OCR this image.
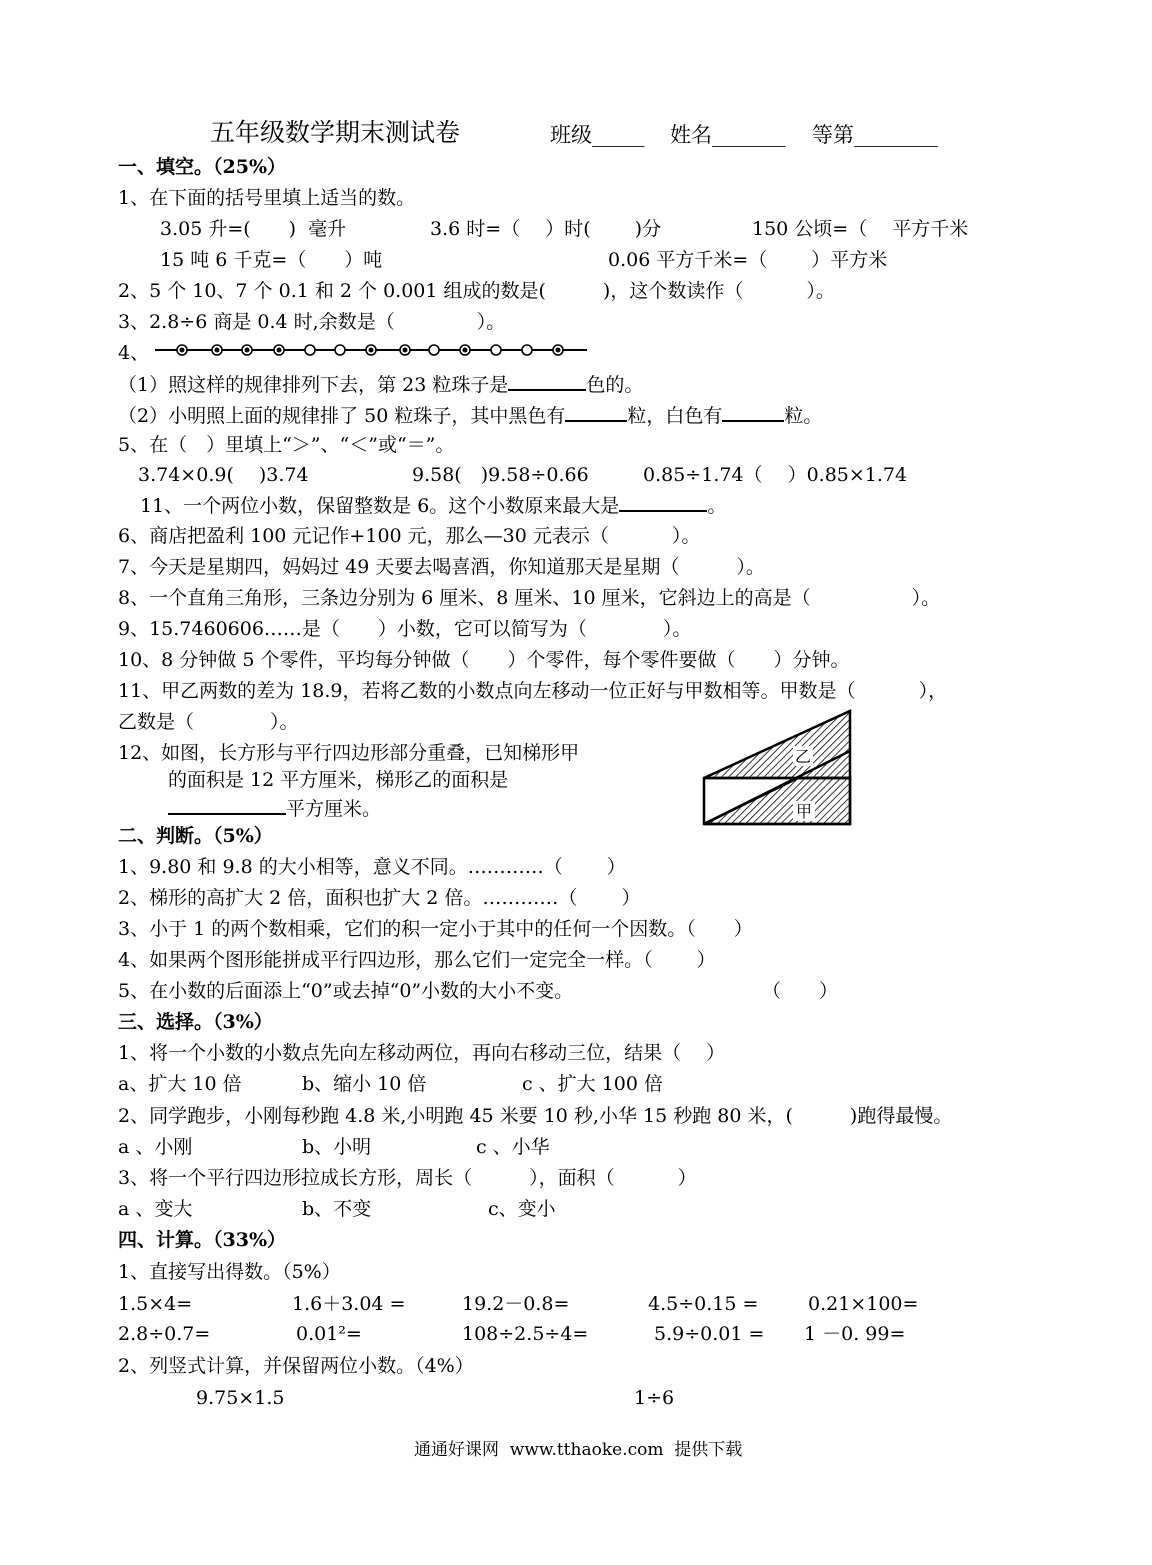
五年级数学期末测试卷	班级_____ 姓名_______ 等第________
一、填空。（25%）
1、在下面的括号里填上适当的数。
3.05 升=(　　)  毫升	3.6 时=（　 ）时(　　 )分	150 公顷=（　 平方千米
15 吨 6 千克=（　　）吨	0.06 平方千米=（　　 ）平方米
2、5 个 10、7 个 0.1 和 2 个 0.001 组成的数是(　　　)，这个数读作（　　　 ）。
3、2.8÷6 商是 0.4 时,余数是（　　　　 ）。
4、
（1）照这样的规律排列下去，第 23 粒珠子是	色的。
（2）小明照上面的规律排了 50 粒珠子，其中黑色有	粒，白色有	粒。
5、在（　）里填上“＞”、“＜”或“＝”。
3.74×0.9(　 )3.74	9.58(　)9.58÷0.66	0.85÷1.74（　 ）0.85×1.74
11、一个两位小数，保留整数是 6。这个小数原来最大是	。
6、商店把盈利 100 元记作+100 元，那么—30 元表示（　　　 ）。
7、今天是星期四，妈妈过 49 天要去喝喜酒，你知道那天是星期（　　　）。
8、一个直角三角形，三条边分别为 6 厘米、8 厘米、10 厘米，它斜边上的高是（　　　　　 ）。
9、15.7460606……是（　　）小数，它可以简写为（　　　　）。
10、8 分钟做 5 个零件，平均每分钟做（　　）个零件，每个零件要做（　　）分钟。
11、甲乙两数的差为 18.9，若将乙数的小数点向左移动一位正好与甲数相等。甲数是（　　　 ），
乙数是（　　　　）。
12、如图，长方形与平行四边形部分重叠，已知梯形甲
的面积是 12 平方厘米，梯形乙的面积是
平方厘米。
乙
甲
二、判断。（5%）
1、9.80 和 9.8 的大小相等，意义不同。…………（　　 ）
2、梯形的高扩大 2 倍，面积也扩大 2 倍。…………（　　 ）
3、小于 1 的两个数相乘，它们的积一定小于其中的任何一个因数。（　　）
4、如果两个图形能拼成平行四边形，那么它们一定完全一样。（　　 ）
5、在小数的后面添上“0”或去掉“0”小数的大小不变。	（　　）
三、选择。（3%）
1、将一个小数的小数点先向左移动两位，再向右移动三位，结果（　 ）
a、扩大 10 倍	b、缩小 10 倍	c 、扩大 100 倍
2、同学跑步，小刚每秒跑 4.8 米,小明跑 45 米要 10 秒,小华 15 秒跑 80 米，(　　　)跑得最慢。
a 、小刚	b、小明	c 、小华
3、将一个平行四边形拉成长方形，周长（　　　），面积（　　　 ）
a 、变大	b、不变	c、变小
四、计算。（33%）
1、直接写出得数。（5%）
1.5×4=	1.6＋3.04 =	19.2－0.8=	4.5÷0.15 =	0.21×100=
2.8÷0.7=	0.01²=	108÷2.5÷4=	5.9÷0.01 = 1 －0. 99=
2、列竖式计算，并保留两位小数。（4%）
9.75×1.5	1÷6
通通好课网  www.tthaoke.com  提供下载
